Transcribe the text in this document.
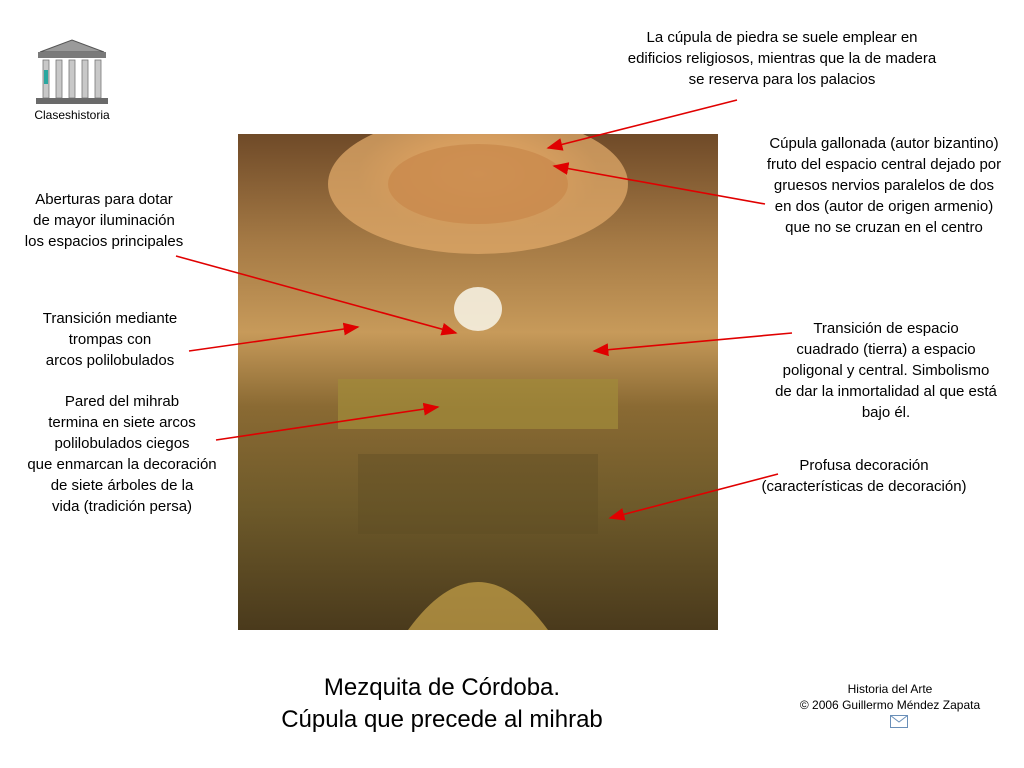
Claseshistoria
La cúpula de piedra se suele emplear en
edificios religiosos, mientras que la de madera
se reserva para los palacios
Cúpula gallonada (autor bizantino)
fruto del espacio central dejado por
gruesos nervios paralelos de dos
en dos (autor de origen armenio)
que no se cruzan en el centro
Aberturas para dotar
de mayor iluminación
los espacios principales
Transición mediante
trompas con
arcos polilobulados
Pared del mihrab
termina en siete arcos
polilobulados ciegos
que enmarcan la decoración
de siete árboles de la
vida (tradición persa)
Transición de espacio
cuadrado (tierra) a espacio
poligonal y central. Simbolismo
de dar la inmortalidad al que está
bajo él.
Profusa decoración
(características de decoración)
Mezquita de Córdoba.
Cúpula que precede al mihrab
Historia del Arte
© 2006 Guillermo Méndez Zapata
